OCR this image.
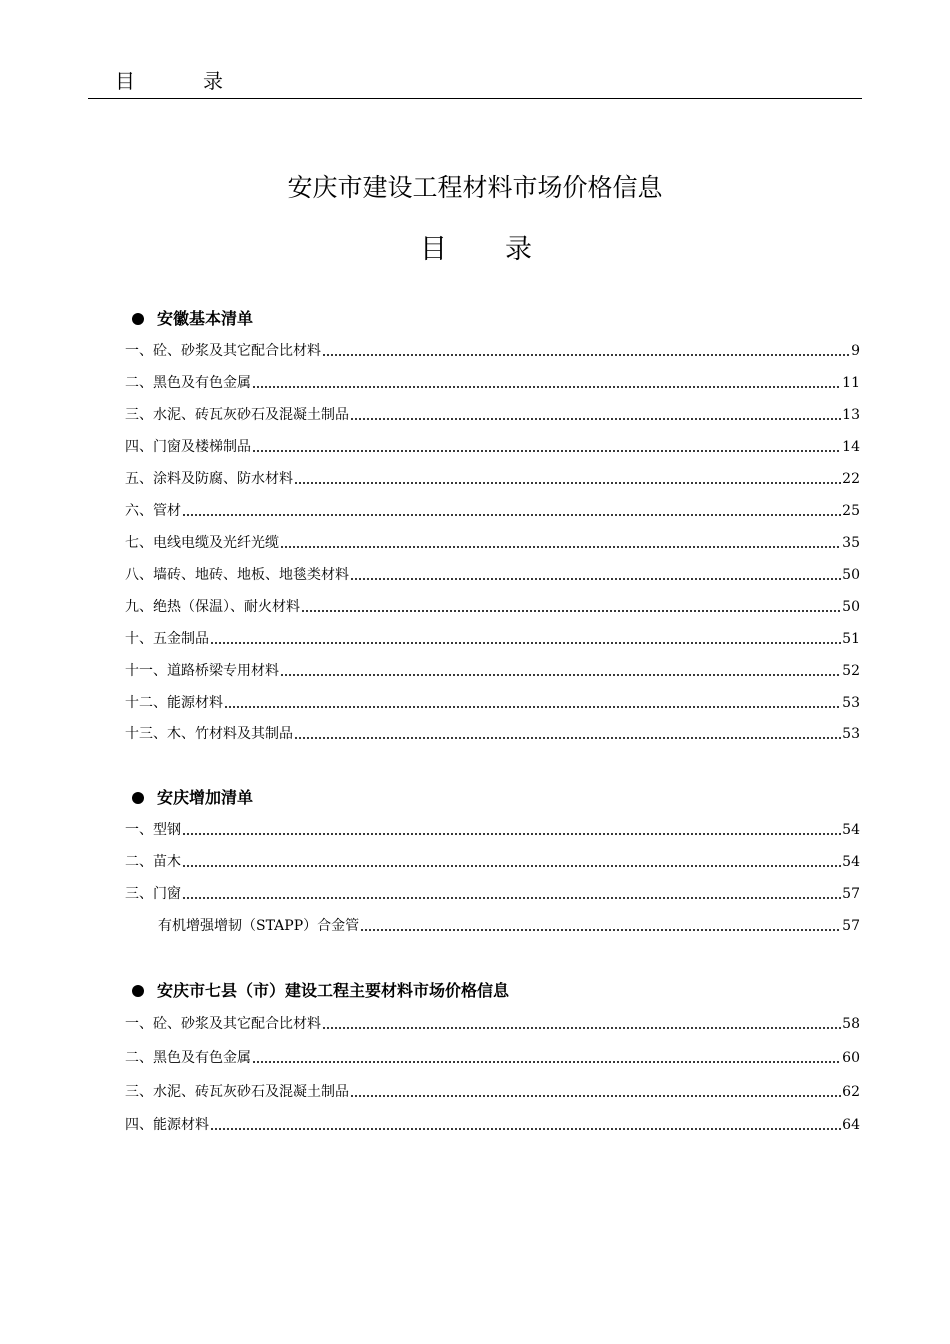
目	录
安庆市建设工程材料市场价格信息
目 录
安徽基本清单
一、砼、砂浆及其它配合比材料	9
二、黑色及有色金属	11
三、水泥、砖瓦灰砂石及混凝土制品	13
四、门窗及楼梯制品	14
五、涂料及防腐、防水材料	22
六、管材	25
七、电线电缆及光纤光缆	35
八、墙砖、地砖、地板、地毯类材料	50
九、绝热（保温）、耐火材料	50
十、五金制品	51
十一、道路桥梁专用材料	52
十二、能源材料	53
十三、木、竹材料及其制品	53
安庆增加清单
一、型钢	54
二、苗木	54
三、门窗	57
有机增强增韧（STAPP）合金管	57
安庆市七县（市）建设工程主要材料市场价格信息
一、砼、砂浆及其它配合比材料	58
二、黑色及有色金属	60
三、水泥、砖瓦灰砂石及混凝土制品	62
四、能源材料	64
